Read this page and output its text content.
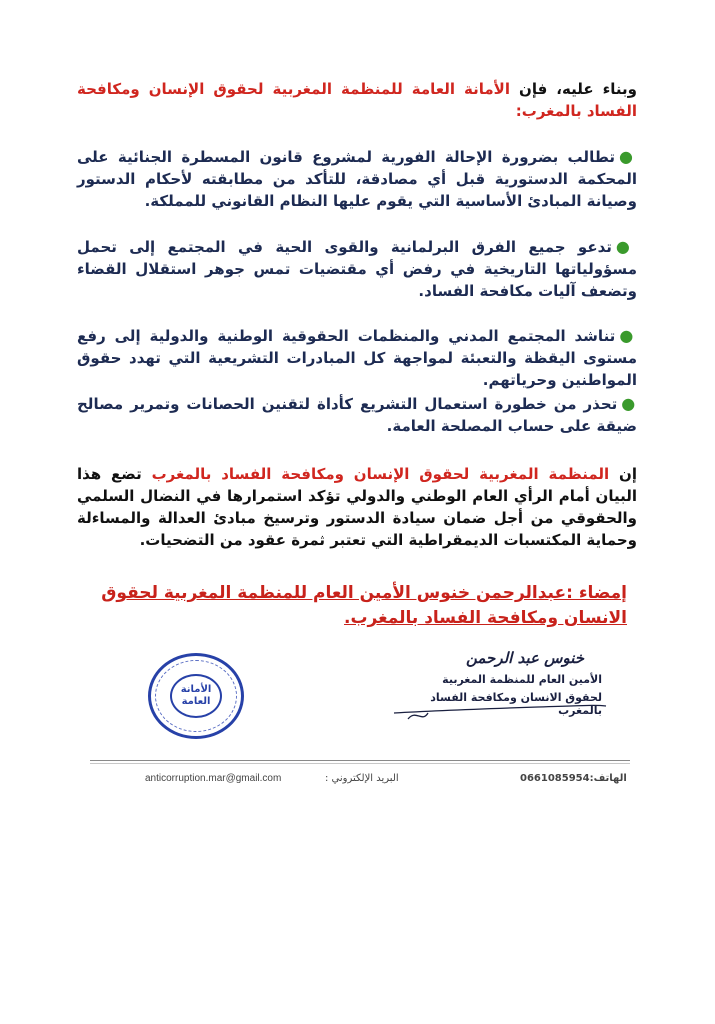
وبناء عليه، فإن الأمانة العامة للمنظمة المغربية لحقوق الإنسان ومكافحة الفساد بالمغرب:

●تطالب بضرورة الإحالة الفورية لمشروع قانون المسطرة الجنائية على المحكمة الدستورية قبل أي مصادقة، للتأكد من مطابقته لأحكام الدستور وصيانة المبادئ الأساسية التي يقوم عليها النظام القانوني للمملكة.

●تدعو جميع الفرق البرلمانية والقوى الحية في المجتمع إلى تحمل مسؤولياتها التاريخية في رفض أي مقتضيات تمس جوهر استقلال القضاء وتضعف آليات مكافحة الفساد.

●تناشد المجتمع المدني والمنظمات الحقوقية الوطنية والدولية إلى رفع مستوى اليقظة والتعبئة لمواجهة كل المبادرات التشريعية التي تهدد حقوق المواطنين وحرياتهم.

●تحذر من خطورة استعمال التشريع كأداة لتقنين الحصانات وتمرير مصالح ضيقة على حساب المصلحة العامة.

إن المنظمة المغربية لحقوق الإنسان ومكافحة الفساد بالمغرب تضع هذا البيان أمام الرأي العام الوطني والدولي تؤكد استمرارها في النضال السلمي والحقوقي من أجل ضمان سيادة الدستور وترسيخ مبادئ العدالة والمساءلة وحماية المكتسبات الديمقراطية التي تعتبر ثمرة عقود من التضحيات.

إمضاء :عبدالرحمن خنوس الأمين العام للمنظمة المغربية لحقوق الانسان ومكافحة الفساد بالمغرب.
الأمانة
العامة
خنوس عبد الرحمن
الأمين العام للمنظمة المغربية
لحقوق الانسان ومكافحة الفساد بالمغرب
anticorruption.mar@gmail.com	البريد الإلكتروني :	الهاتف:0661085954
